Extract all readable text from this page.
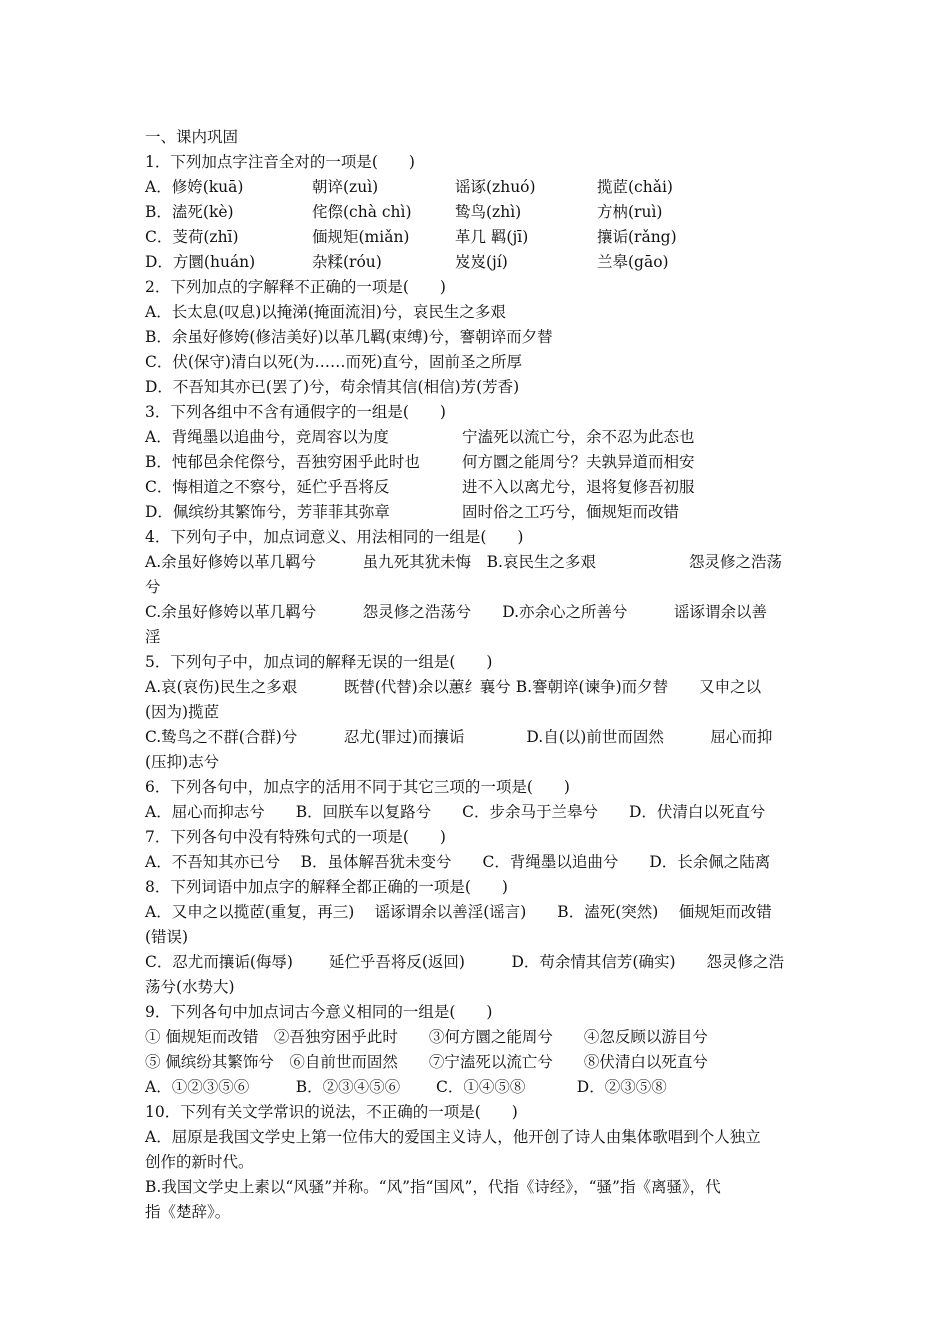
一、课内巩固
1．下列加点字注音全对的一项是(　　)
3．下列各组中不含有通假字的一组是(　　)
4．下列句子中，加点词意义、用法相同的一组是(　　)
5．下列句子中，加点词的解释无误的一组是(　　)
6．下列各句中，加点字的活用不同于其它三项的一项是(　　)
7．下列各句中没有特殊句式的一项是(　　)
8．下列词语中加点字的解释全都正确的一项是(　　)
9．下列各句中加点词古今意义相同的一组是(　　)
10．下列有关文学常识的说法，不正确的一项是(　　)
2．下列加点的字解释不正确的一项是(　　)
A．长太息(叹息)以掩涕(掩面流泪)兮，哀民生之多艰
B．余虽好修姱(修洁美好)以革几羁(束缚)兮，謇朝谇而夕替
C．伏(保守)清白以死(为……而死)直兮，固前圣之所厚
D．不吾知其亦已(罢了)兮，苟余情其信(相信)芳(芳香)
A．修姱(kuā)	朝谇(zuì)	谣诼(zhuó)	揽茝(chǎi)
B．溘死(kè)	侘傺(chà chì)	鸷鸟(zhì)	方枘(ruì)
C．芰荷(zhī)	偭规矩(miǎn)	革几 羁(jī)	攘诟(rǎng)
D．方圜(huán)	杂糅(róu)	岌岌(jí)	兰皋(gāo)
A．背绳墨以追曲兮，竞周容以为度	宁溘死以流亡兮，余不忍为此态也
B．忳郁邑余侘傺兮，吾独穷困乎此时也	何方圜之能周兮？夫孰异道而相安
C．悔相道之不察兮，延伫乎吾将反	进不入以离尤兮，退将复修吾初服
D．佩缤纷其繁饰兮，芳菲菲其弥章	固时俗之工巧兮，偭规矩而改错
A.余虽好修姱以革几羁兮　　　虽九死其犹未悔　B.哀民生之多艰　　　　　　怨灵修之浩荡
兮
C.余虽好修姱以革几羁兮　　　怨灵修之浩荡兮　　D.亦余心之所善兮　　　谣诼谓余以善
淫
A.哀(哀伤)民生之多艰　　　既替(代替)余以蕙纟襄兮 B.謇朝谇(谏争)而夕替　　又申之以
(因为)揽茝
C.鸷鸟之不群(合群)兮　　　忍尤(罪过)而攘诟　　　　D.自(以)前世而固然　　　屈心而抑
(压抑)志兮
A．屈心而抑志兮　　B．回朕车以复路兮　　C．步余马于兰皋兮　　D．伏清白以死直兮
A．不吾知其亦已兮　 B．虽体解吾犹未变兮　　C．背绳墨以追曲兮　　D．长余佩之陆离
A．又申之以揽茝(重复，再三)　 谣诼谓余以善淫(谣言)　　B．溘死(突然)　 偭规矩而改错
(错误)
C．忍尤而攘诟(侮辱)　　 延伫乎吾将反(返回)　　　D．苟余情其信芳(确实)　　怨灵修之浩
荡兮(水势大)
① 偭规矩而改错　②吾独穷困乎此时　　③何方圜之能周兮　　④忽反顾以游目兮
⑤ 佩缤纷其繁饰兮　⑥自前世而固然　　⑦宁溘死以流亡兮　　⑧伏清白以死直兮
A．①②③⑤⑥　　　B．②③④⑤⑥　　 C．①④⑤⑧　　　 D．②③⑤⑧
A．屈原是我国文学史上第一位伟大的爱国主义诗人，他开创了诗人由集体歌唱到个人独立
创作的新时代。
B.我国文学史上素以“风骚”并称。“风”指“国风”，代指《诗经》，“骚”指《离骚》，代
指《楚辞》。
